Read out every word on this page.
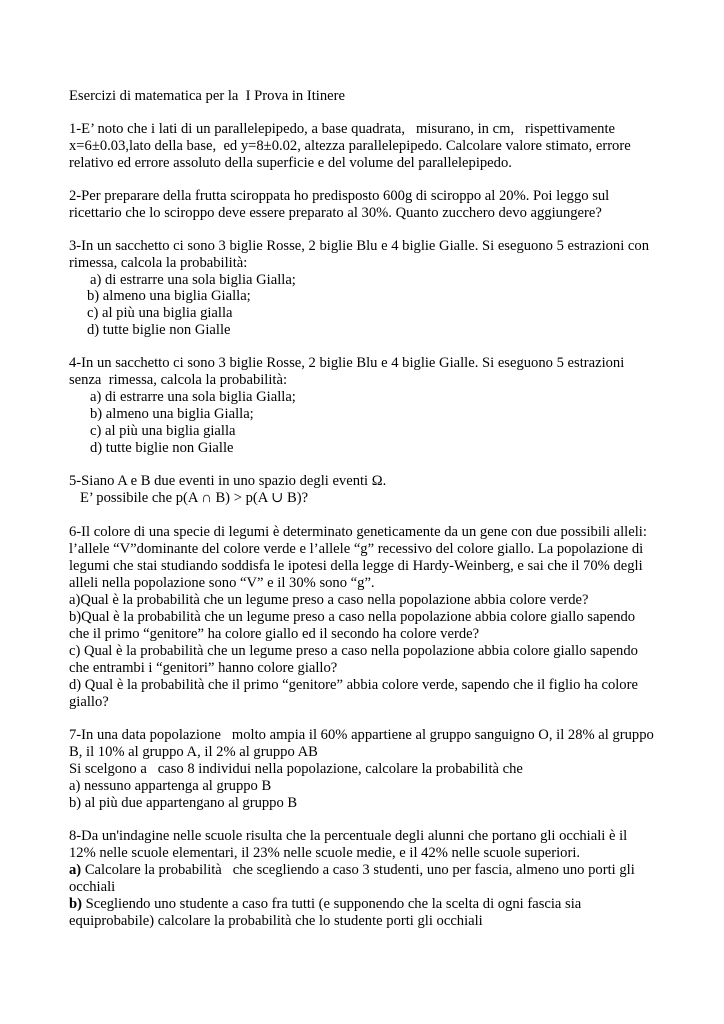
Esercizi di matematica per la  I Prova in Itinere
1-E’ noto che i lati di un parallelepipedo, a base quadrata,   misurano, in cm,   rispettivamente
x=6±0.03,lato della base,  ed y=8±0.02, altezza parallelepipedo. Calcolare valore stimato, errore
relativo ed errore assoluto della superficie e del volume del parallelepipedo.
2-Per preparare della frutta sciroppata ho predisposto 600g di sciroppo al 20%. Poi leggo sul
ricettario che lo sciroppo deve essere preparato al 30%. Quanto zucchero devo aggiungere?
3-In un sacchetto ci sono 3 biglie Rosse, 2 biglie Blu e 4 biglie Gialle. Si eseguono 5 estrazioni con
rimessa, calcola la probabilità:
a) di estrarre una sola biglia Gialla;
b) almeno una biglia Gialla;
c) al più una biglia gialla
d) tutte biglie non Gialle
4-In un sacchetto ci sono 3 biglie Rosse, 2 biglie Blu e 4 biglie Gialle. Si eseguono 5 estrazioni
senza  rimessa, calcola la probabilità:
a) di estrarre una sola biglia Gialla;
b) almeno una biglia Gialla;
c) al più una biglia gialla
d) tutte biglie non Gialle
5-Siano A e B due eventi in uno spazio degli eventi Ω.
E’ possibile che p(A ∩ B) > p(A ∪ B)?
6-Il colore di una specie di legumi è determinato geneticamente da un gene con due possibili alleli:
l’allele “V”dominante del colore verde e l’allele “g” recessivo del colore giallo. La popolazione di
legumi che stai studiando soddisfa le ipotesi della legge di Hardy-Weinberg, e sai che il 70% degli
alleli nella popolazione sono “V” e il 30% sono “g”.
a)Qual è la probabilità che un legume preso a caso nella popolazione abbia colore verde?
b)Qual è la probabilità che un legume preso a caso nella popolazione abbia colore giallo sapendo
che il primo “genitore” ha colore giallo ed il secondo ha colore verde?
c) Qual è la probabilità che un legume preso a caso nella popolazione abbia colore giallo sapendo
che entrambi i “genitori” hanno colore giallo?
d) Qual è la probabilità che il primo “genitore” abbia colore verde, sapendo che il figlio ha colore
giallo?
7-In una data popolazione   molto ampia il 60% appartiene al gruppo sanguigno O, il 28% al gruppo
B, il 10% al gruppo A, il 2% al gruppo AB
Si scelgono a   caso 8 individui nella popolazione, calcolare la probabilità che
a) nessuno appartenga al gruppo B
b) al più due appartengano al gruppo B
8-Da un'indagine nelle scuole risulta che la percentuale degli alunni che portano gli occhiali è il
12% nelle scuole elementari, il 23% nelle scuole medie, e il 42% nelle scuole superiori.
a) Calcolare la probabilità   che scegliendo a caso 3 studenti, uno per fascia, almeno uno porti gli
occhiali
b) Scegliendo uno studente a caso fra tutti (e supponendo che la scelta di ogni fascia sia
equiprobabile) calcolare la probabilità che lo studente porti gli occhiali
